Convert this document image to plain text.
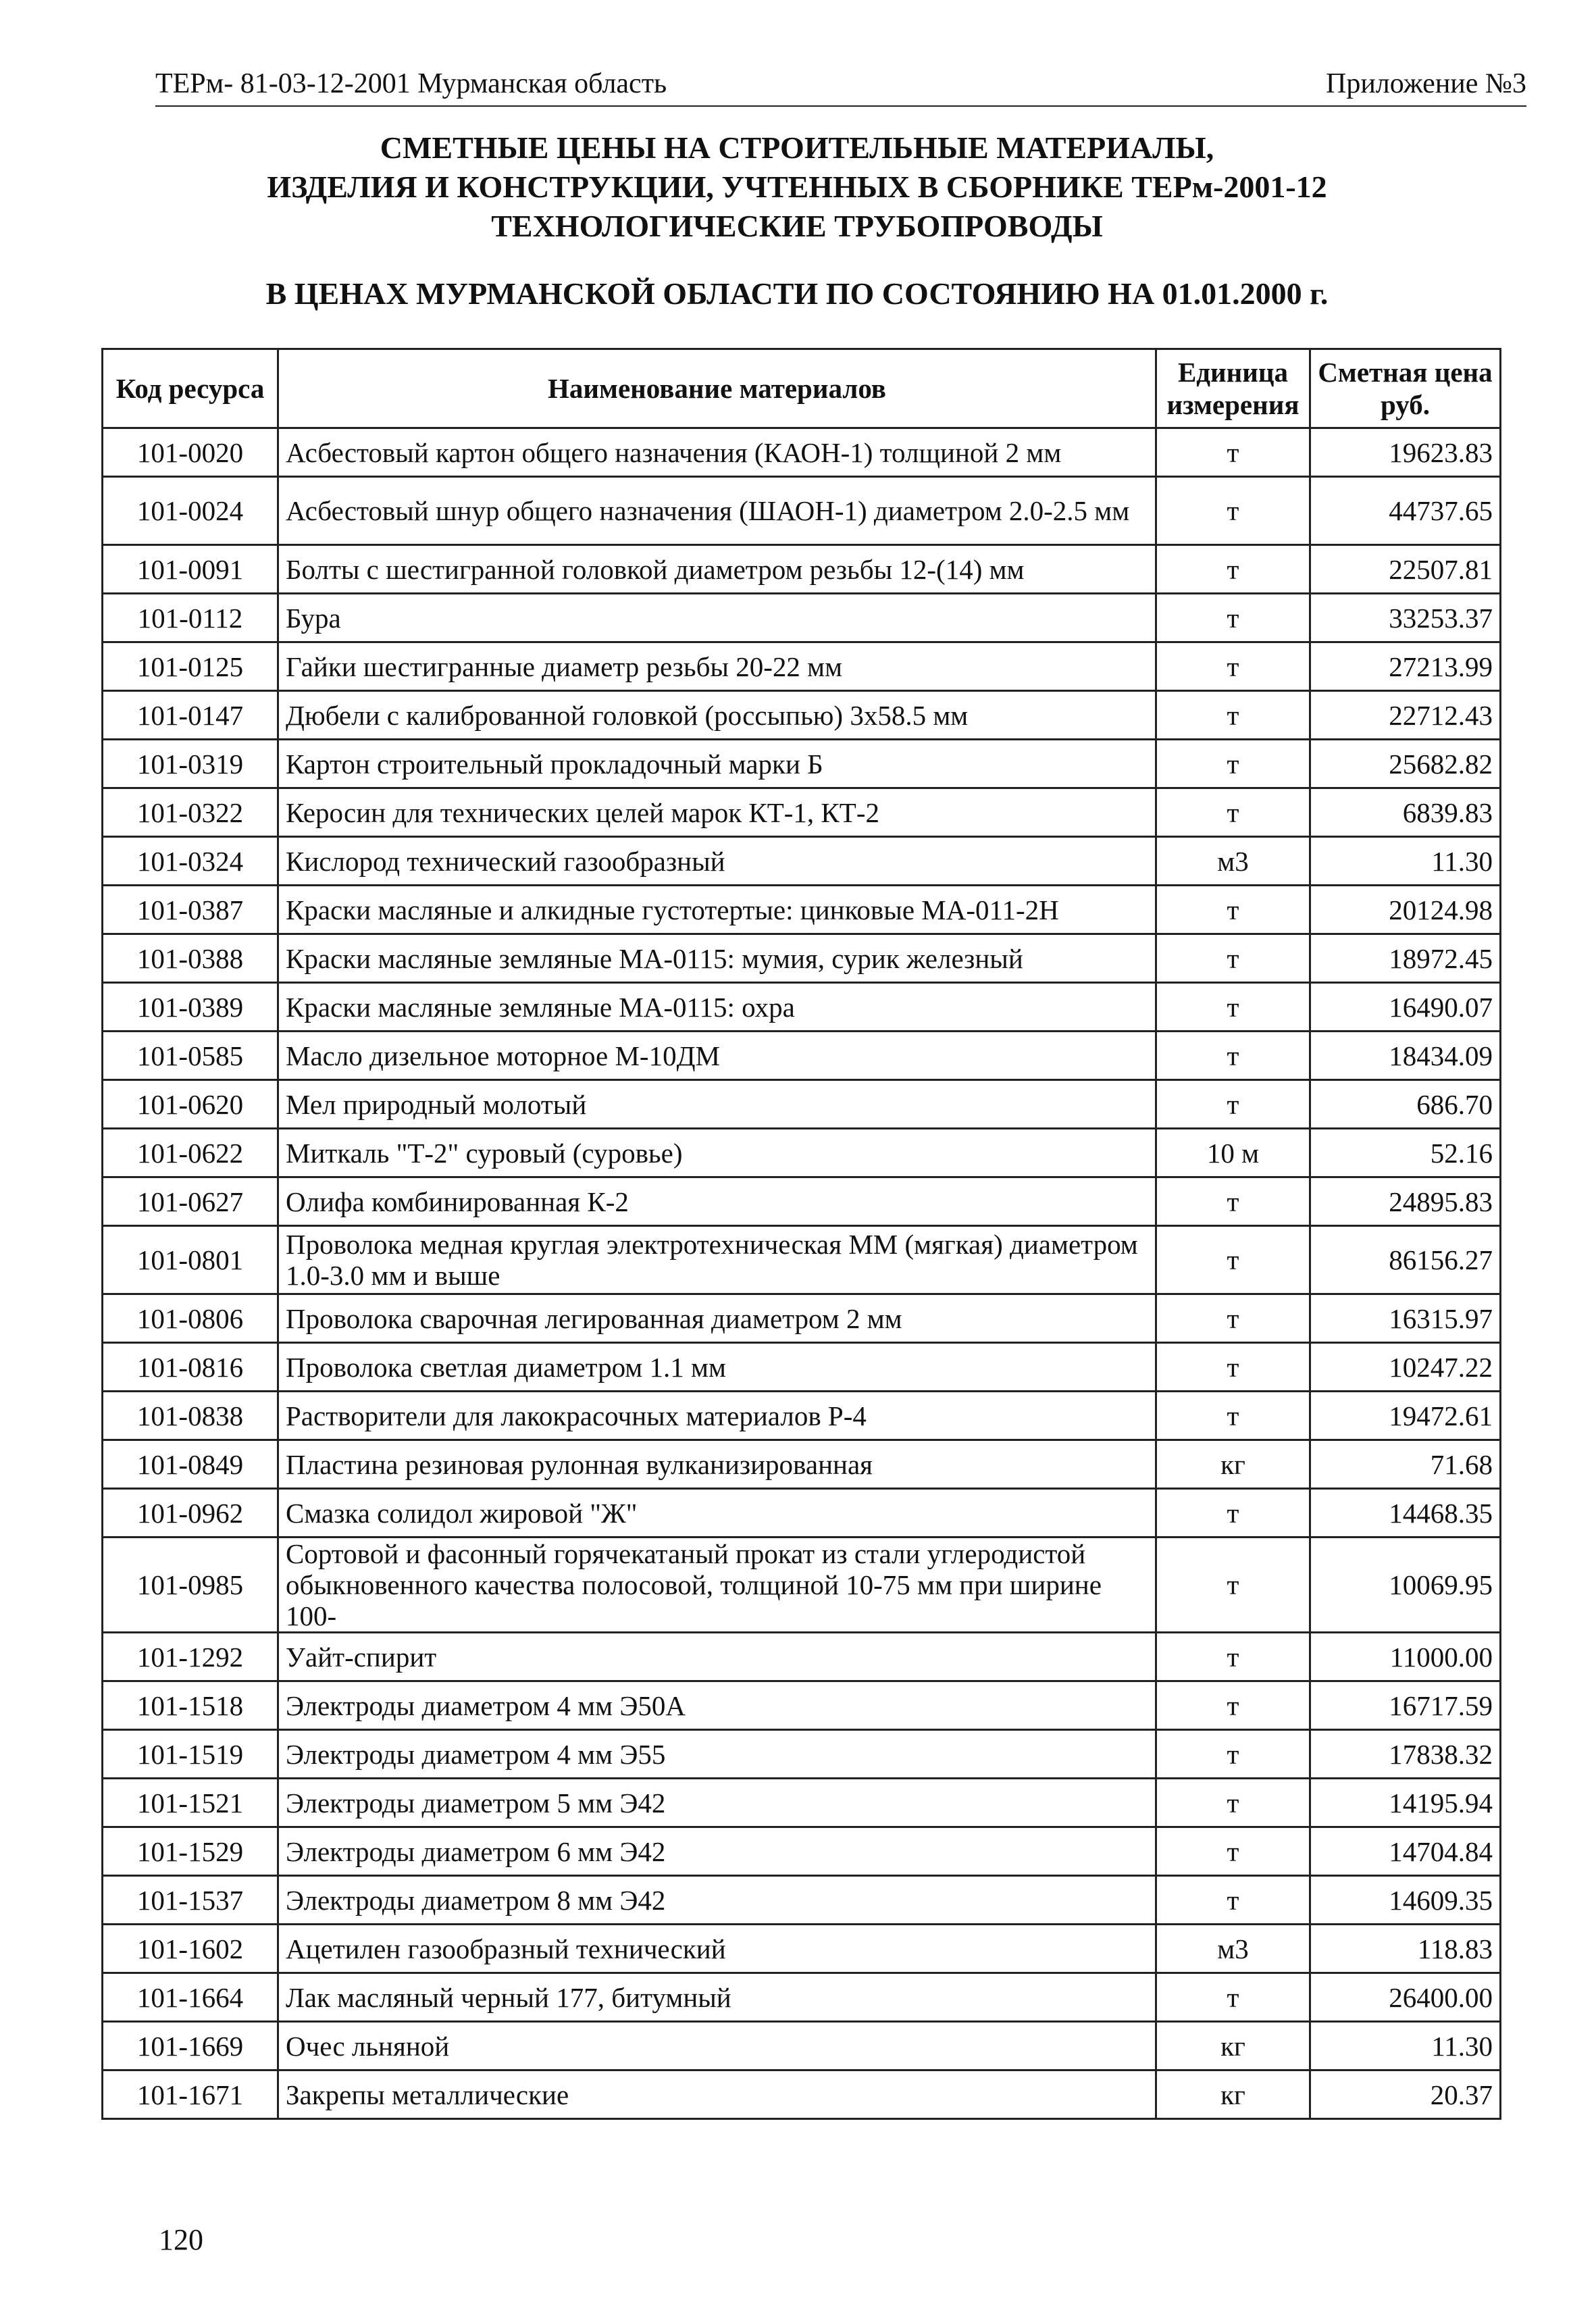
ТЕРм- 81-03-12-2001 Мурманская область	Приложение №3
СМЕТНЫЕ ЦЕНЫ НА СТРОИТЕЛЬНЫЕ МАТЕРИАЛЫ,
ИЗДЕЛИЯ И КОНСТРУКЦИИ, УЧТЕННЫХ В СБОРНИКЕ ТЕРм-2001-12
ТЕХНОЛОГИЧЕСКИЕ ТРУБОПРОВОДЫ
В ЦЕНАХ МУРМАНСКОЙ ОБЛАСТИ ПО СОСТОЯНИЮ НА 01.01.2000 г.
Код ресурса	Наименование материалов	Единица измерения	Сметная цена руб.
101-0020	Асбестовый картон общего назначения (КАОН-1) толщиной 2 мм	т	19623.83
101-0024	Асбестовый шнур общего назначения (ШАОН-1) диаметром 2.0-2.5 мм	т	44737.65
101-0091	Болты с шестигранной головкой диаметром резьбы 12-(14) мм	т	22507.81
101-0112	Бура	т	33253.37
101-0125	Гайки шестигранные диаметр резьбы 20-22 мм	т	27213.99
101-0147	Дюбели с калиброванной головкой (россыпью) 3х58.5 мм	т	22712.43
101-0319	Картон строительный прокладочный марки Б	т	25682.82
101-0322	Керосин для технических целей марок КТ-1, КТ-2	т	6839.83
101-0324	Кислород технический газообразный	м3	11.30
101-0387	Краски масляные и алкидные густотертые: цинковые МА-011-2Н	т	20124.98
101-0388	Краски масляные земляные МА-0115: мумия, сурик железный	т	18972.45
101-0389	Краски масляные земляные МА-0115: охра	т	16490.07
101-0585	Масло дизельное моторное М-10ДМ	т	18434.09
101-0620	Мел природный молотый	т	686.70
101-0622	Миткаль "Т-2" суровый (суровье)	10 м	52.16
101-0627	Олифа комбинированная К-2	т	24895.83
101-0801	Проволока медная круглая электротехническая ММ (мягкая) диаметром 1.0-3.0 мм и выше	т	86156.27
101-0806	Проволока сварочная легированная диаметром 2 мм	т	16315.97
101-0816	Проволока светлая диаметром 1.1 мм	т	10247.22
101-0838	Растворители для лакокрасочных материалов Р-4	т	19472.61
101-0849	Пластина резиновая рулонная вулканизированная	кг	71.68
101-0962	Смазка солидол жировой "Ж"	т	14468.35
101-0985	Сортовой и фасонный горячекатаный прокат из стали углеродистой обыкновенного качества полосовой, толщиной 10-75 мм при ширине 100-	т	10069.95
101-1292	Уайт-спирит	т	11000.00
101-1518	Электроды диаметром 4 мм Э50А	т	16717.59
101-1519	Электроды диаметром 4 мм Э55	т	17838.32
101-1521	Электроды диаметром 5 мм Э42	т	14195.94
101-1529	Электроды диаметром 6 мм Э42	т	14704.84
101-1537	Электроды диаметром 8 мм Э42	т	14609.35
101-1602	Ацетилен газообразный технический	м3	118.83
101-1664	Лак масляный черный 177, битумный	т	26400.00
101-1669	Очес льняной	кг	11.30
101-1671	Закрепы металлические	кг	20.37
120
